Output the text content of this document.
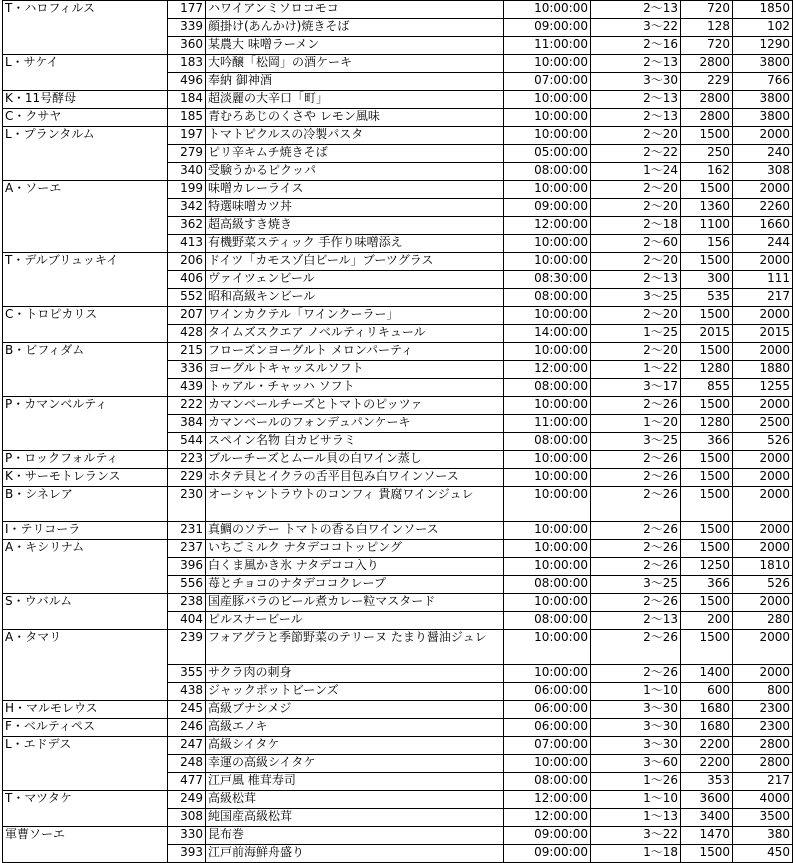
T・ハロフィルス	177	ハワイアンミソロコモコ	10:00:00	2～13	720	1850
	339	顔掛け(あんかけ)焼きそば	09:00:00	3～22	128	102
	360	某農大 味噌ラーメン	11:00:00	2～16	720	1290
L・サケイ	183	大吟醸「松岡」の酒ケーキ	10:00:00	2～13	2800	3800
	496	奉納 御神酒	07:00:00	3～30	229	766
K・11号酵母	184	超淡麗の大辛口「町」	10:00:00	2～13	2800	3800
C・クサヤ	185	青むろあじのくさや レモン風味	10:00:00	2～13	2800	3800
L・プランタルム	197	トマトピクルスの冷製パスタ	10:00:00	2～20	1500	2000
	279	ピリ辛キムチ焼きそば	05:00:00	2～22	250	240
	340	受験うかるピクッパ	08:00:00	1～24	162	308
A・ソーエ	199	味噌カレーライス	10:00:00	2～20	1500	2000
	342	特選味噌カツ丼	09:00:00	2～20	1360	2260
	362	超高級すき焼き	12:00:00	2～18	1100	1660
	413	有機野菜スティック 手作り味噌添え	10:00:00	2～60	156	244
T・デルブリュッキイ	206	ドイツ「カモスゾ白ビール」ブーツグラス	10:00:00	2～20	1500	2000
	406	ヴァイツェンビール	08:30:00	2～13	300	111
	552	昭和高級キンビール	08:00:00	3～25	535	217
C・トロピカリス	207	ワインカクテル「ワインクーラー」	10:00:00	2～20	1500	2000
	428	タイムズスクエア ノベルティリキュール	14:00:00	1～25	2015	2015
B・ビフィダム	215	フローズンヨーグルト メロンパーティ	10:00:00	2～20	1500	2000
	336	ヨーグルトキャッスルソフト	12:00:00	1～22	1280	1880
	439	トゥアル・チャッハ ソフト	08:00:00	3～17	855	1255
P・カマンベルティ	222	カマンベールチーズとトマトのピッツァ	10:00:00	2～26	1500	2000
	384	カマンベールのフォンデュパンケーキ	11:00:00	1～20	1280	2500
	544	スペイン名物 白カビサラミ	08:00:00	3～25	366	526
P・ロックフォルティ	223	ブルーチーズとムール貝の白ワイン蒸し	10:00:00	2～26	1500	2000
K・サーモトレランス	229	ホタテ貝とイクラの舌平目包み白ワインソース	10:00:00	2～26	1500	2000
B・シネレア	230	オーシャントラウトのコンフィ 貴腐ワインジュレ	10:00:00	2～26	1500	2000
I・テリコーラ	231	真鯛のソテー トマトの香る白ワインソース	10:00:00	2～26	1500	2000
A・キシリナム	237	いちごミルク ナタデココトッピング	10:00:00	2～26	1500	2000
	396	白くま風かき氷 ナタデココ入り	10:00:00	2～26	1250	1810
	556	苺とチョコのナタデココクレープ	08:00:00	3～25	366	526
S・ウバルム	238	国産豚バラのビール煮カレー粒マスタード	10:00:00	2～26	1500	2000
	404	ピルスナービール	08:00:00	2～13	200	280
A・タマリ	239	フォアグラと季節野菜のテリーヌ たまり醤油ジュレ	10:00:00	2～26	1500	2000
	355	サクラ肉の刺身	10:00:00	2～26	1400	2000
	438	ジャックポットビーンズ	06:00:00	1～10	600	800
H・マルモレウス	245	高級ブナシメジ	06:00:00	3～30	1680	2300
F・ベルティペス	246	高級エノキ	06:00:00	3～30	1680	2300
L・エドデス	247	高級シイタケ	07:00:00	3～30	2200	2800
	248	幸運の高級シイタケ	10:00:00	3～60	2200	2800
	477	江戸風 椎茸寿司	08:00:00	1～26	353	217
T・マツタケ	249	高級松茸	12:00:00	1～10	3600	4000
	308	純国産高級松茸	12:00:00	1～13	3400	3500
軍曹ソーエ	330	昆布巻	09:00:00	3～22	1470	380
	393	江戸前海鮮舟盛り	09:00:00	1～18	1500	450
